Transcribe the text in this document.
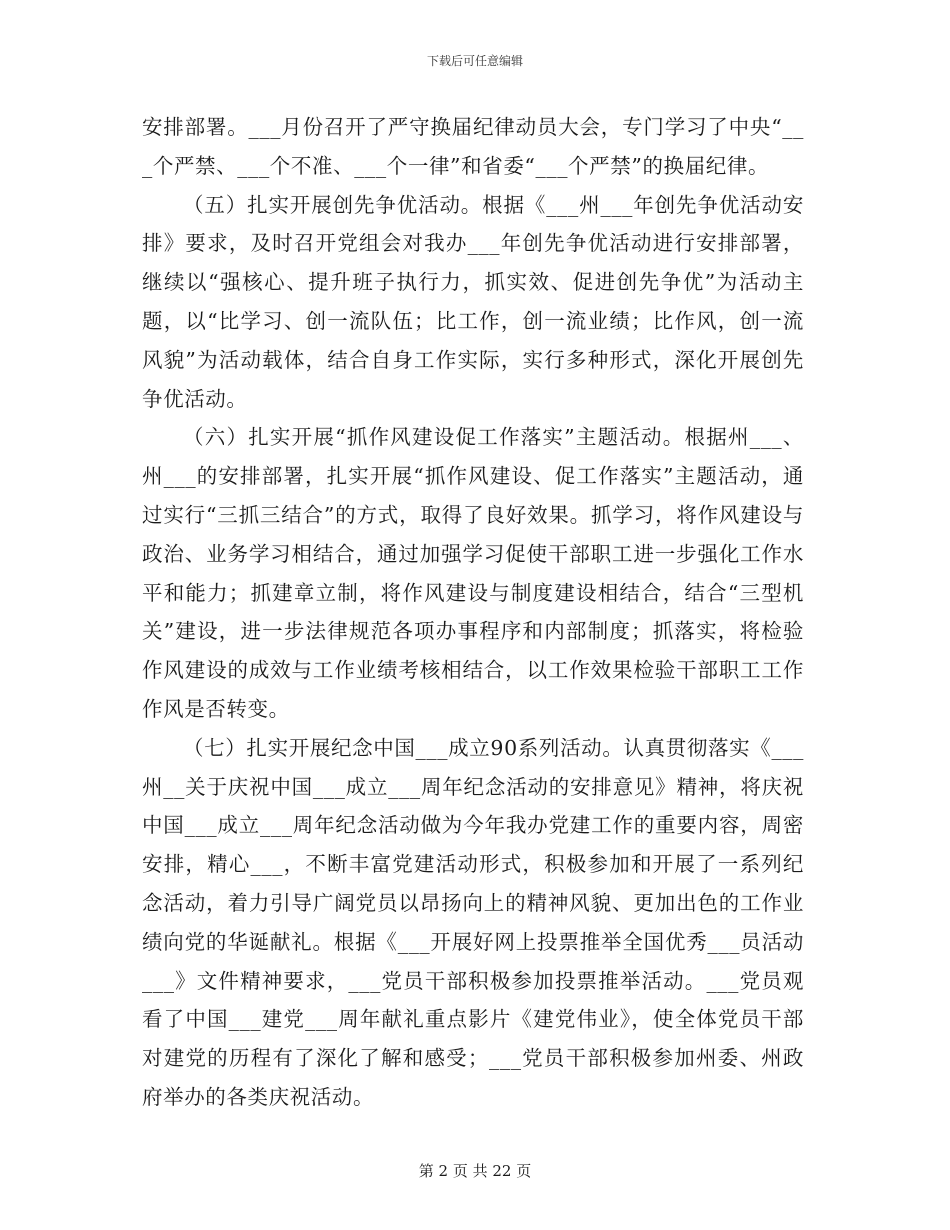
下载后可任意编辑

安排部署。___月份召开了严守换届纪律动员大会，专门学习了中央“___个严禁、___个不准、___个一律”和省委“___个严禁”的换届纪律。

（五）扎实开展创先争优活动。根据《___州___年创先争优活动安排》要求，及时召开党组会对我办___年创先争优活动进行安排部署，继续以“强核心、提升班子执行力，抓实效、促进创先争优”为活动主题，以“比学习、创一流队伍；比工作，创一流业绩；比作风，创一流风貌”为活动载体，结合自身工作实际，实行多种形式，深化开展创先争优活动。

（六）扎实开展“抓作风建设促工作落实”主题活动。根据州___、州___的安排部署，扎实开展“抓作风建设、促工作落实”主题活动，通过实行“三抓三结合”的方式，取得了良好效果。抓学习，将作风建设与政治、业务学习相结合，通过加强学习促使干部职工进一步强化工作水平和能力；抓建章立制，将作风建设与制度建设相结合，结合“三型机关”建设，进一步法律规范各项办事程序和内部制度；抓落实，将检验作风建设的成效与工作业绩考核相结合，以工作效果检验干部职工工作作风是否转变。

（七）扎实开展纪念中国___成立90系列活动。认真贯彻落实《___州__关于庆祝中国___成立___周年纪念活动的安排意见》精神，将庆祝中国___成立___周年纪念活动做为今年我办党建工作的重要内容，周密安排，精心___，不断丰富党建活动形式，积极参加和开展了一系列纪念活动，着力引导广阔党员以昂扬向上的精神风貌、更加出色的工作业绩向党的华诞献礼。根据《___开展好网上投票推举全国优秀___员活动___》文件精神要求，___党员干部积极参加投票推举活动。___党员观看了中国___建党___周年献礼重点影片《建党伟业》，使全体党员干部对建党的历程有了深化了解和感受；___党员干部积极参加州委、州政府举办的各类庆祝活动。

第 2 页 共 22 页
